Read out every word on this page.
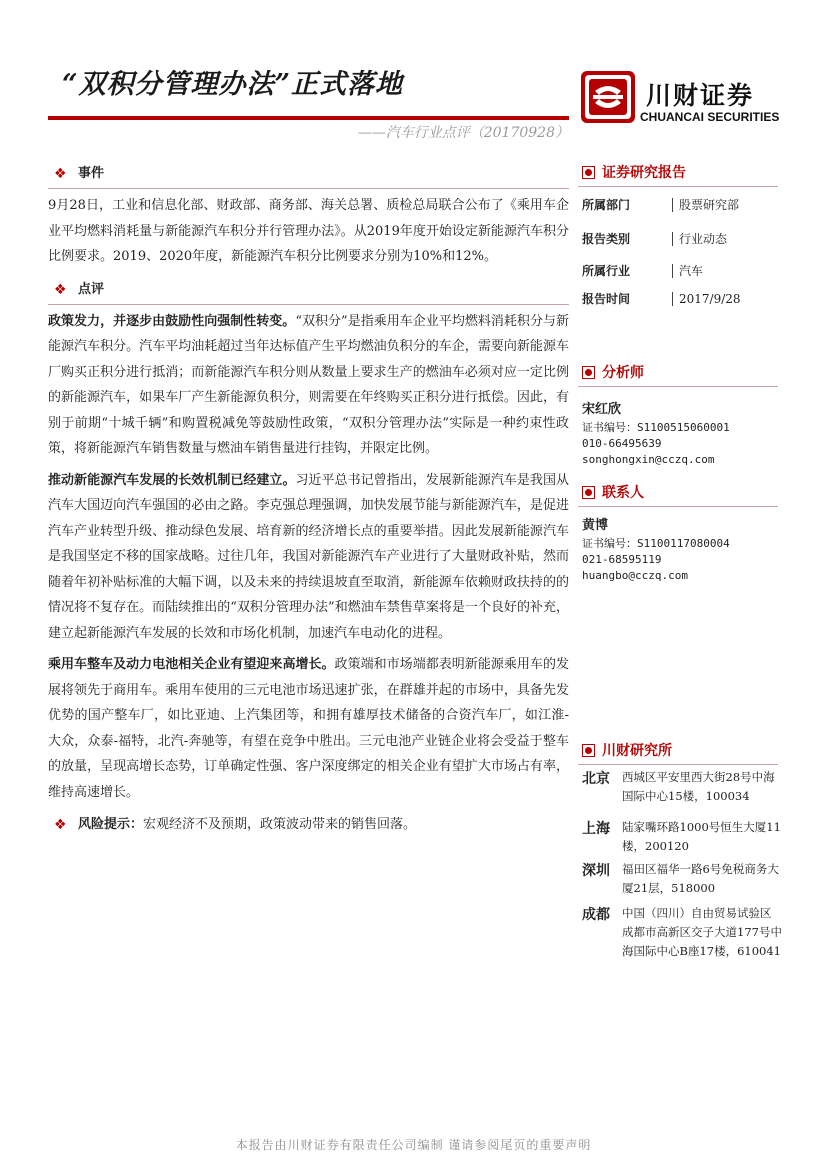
“双积分管理办法”正式落地
——汽车行业点评（20170928）
川财证券
CHUANCAI SECURITIES
❖ 事件

9月28日，工业和信息化部、财政部、商务部、海关总署、质检总局联合公布了《乘用车企业平均燃料消耗量与新能源汽车积分并行管理办法》。从2019年度开始设定新能源汽车积分比例要求。2019、2020年度，新能源汽车积分比例要求分别为10%和12%。

❖ 点评

政策发力，并逐步由鼓励性向强制性转变。“双积分”是指乘用车企业平均燃料消耗积分与新能源汽车积分。汽车平均油耗超过当年达标值产生平均燃油负积分的车企，需要向新能源车厂购买正积分进行抵消；而新能源汽车积分则从数量上要求生产的燃油车必须对应一定比例的新能源汽车，如果车厂产生新能源负积分，则需要在年终购买正积分进行抵偿。因此，有别于前期“十城千辆”和购置税减免等鼓励性政策，“双积分管理办法”实际是一种约束性政策，将新能源汽车销售数量与燃油车销售量进行挂钩，并限定比例。

推动新能源汽车发展的长效机制已经建立。习近平总书记曾指出，发展新能源汽车是我国从汽车大国迈向汽车强国的必由之路。李克强总理强调，加快发展节能与新能源汽车，是促进汽车产业转型升级、推动绿色发展、培育新的经济增长点的重要举措。因此发展新能源汽车是我国坚定不移的国家战略。过往几年，我国对新能源汽车产业进行了大量财政补贴，然而随着年初补贴标准的大幅下调，以及未来的持续退坡直至取消，新能源车依赖财政扶持的的情况将不复存在。而陆续推出的“双积分管理办法”和燃油车禁售草案将是一个良好的补充，建立起新能源汽车发展的长效和市场化机制，加速汽车电动化的进程。

乘用车整车及动力电池相关企业有望迎来高增长。政策端和市场端都表明新能源乘用车的发展将领先于商用车。乘用车使用的三元电池市场迅速扩张，在群雄并起的市场中，具备先发优势的国产整车厂，如比亚迪、上汽集团等，和拥有雄厚技术储备的合资汽车厂，如江淮-大众，众泰-福特，北汽-奔驰等，有望在竞争中胜出。三元电池产业链企业将会受益于整车的放量，呈现高增长态势，订单确定性强、客户深度绑定的相关企业有望扩大市场占有率，维持高速增长。

❖ 风险提示：宏观经济不及预期，政策波动带来的销售回落。
证券研究报告
所属部门	股票研究部
报告类别	行业动态
所属行业	汽车
报告时间	2017/9/28
分析师
宋红欣
证书编号：S1100515060001
010-66495639
songhongxin@cczq.com
联系人
黄博
证书编号：S1100117080004
021-68595119
huangbo@cczq.com
川财研究所
北京 西城区平安里西大街28号中海国际中心15楼，100034
上海 陆家嘴环路1000号恒生大厦11楼，200120
深圳 福田区福华一路6号免税商务大厦21层，518000
成都 中国（四川）自由贸易试验区成都市高新区交子大道177号中海国际中心B座17楼，610041
本报告由川财证券有限责任公司编制 谨请参阅尾页的重要声明
